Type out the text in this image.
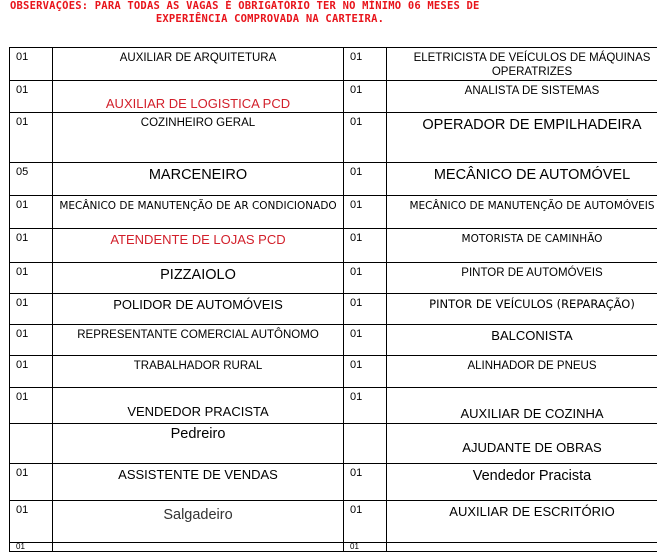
OBSERVAÇÕES: PARA TODAS AS VAGAS É OBRIGATÓRIO TER NO MÍNIMO 06 MESES DE

EXPERIÊNCIA COMPROVADA NA CARTEIRA.
01	AUXILIAR DE ARQUITETURA	01	ELETRICISTA DE VEÍCULOS DE MÁQUINAS OPERATRIZES
01	AUXILIAR DE LOGISTICA PCD	01	ANALISTA DE SISTEMAS
01	COZINHEIRO GERAL	01	OPERADOR DE EMPILHADEIRA
05	MARCENEIRO	01	MECÂNICO DE AUTOMÓVEL
01	MECÂNICO DE MANUTENÇÃO DE AR CONDICIONADO	01	MECÂNICO DE MANUTENÇÃO DE AUTOMÓVEIS
01	ATENDENTE DE LOJAS PCD	01	MOTORISTA DE CAMINHÃO
01	PIZZAIOLO	01	PINTOR DE AUTOMÓVEIS
01	POLIDOR DE AUTOMÓVEIS	01	PINTOR DE VEÍCULOS (REPARAÇÃO)
01	REPRESENTANTE COMERCIAL AUTÔNOMO	01	BALCONISTA
01	TRABALHADOR RURAL	01	ALINHADOR DE PNEUS
01	VENDEDOR PRACISTA	01	AUXILIAR DE COZINHA
	Pedreiro		AJUDANTE DE OBRAS
01	ASSISTENTE DE VENDAS	01	Vendedor Pracista
01	Salgadeiro	01	AUXILIAR DE ESCRITÓRIO
01		01	
